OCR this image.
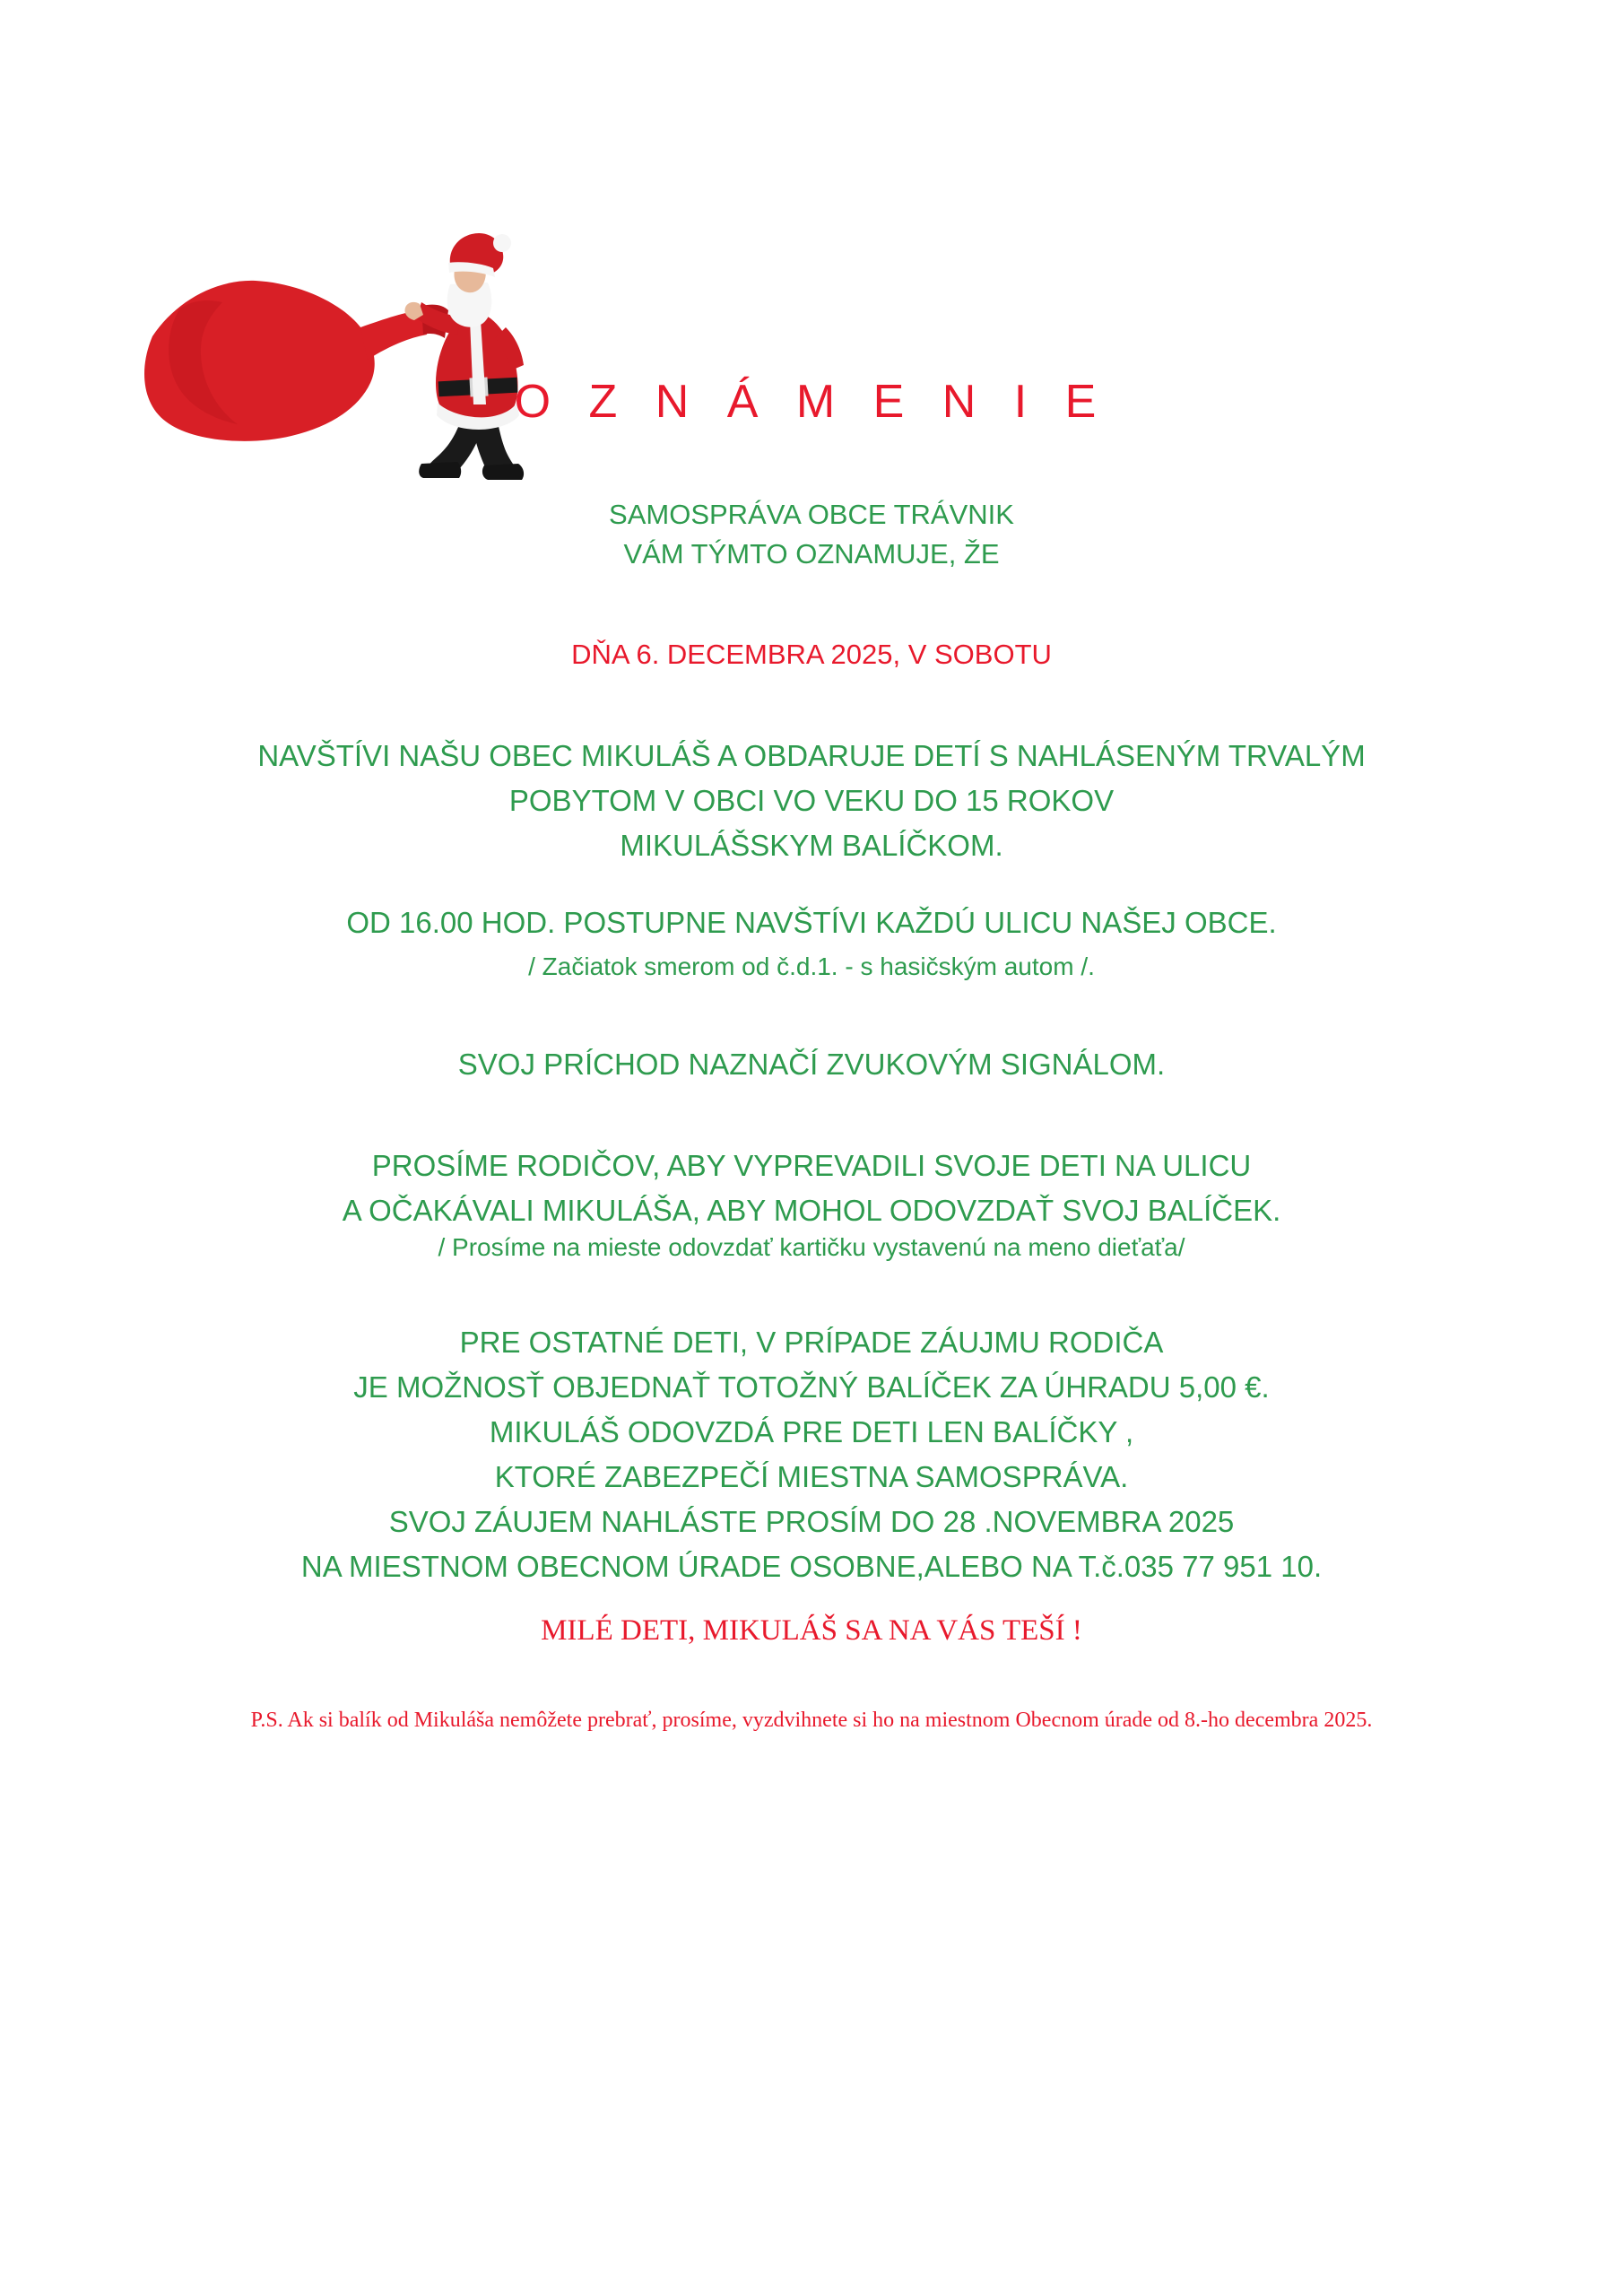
O Z N Á M E N I E
SAMOSPRÁVA OBCE TRÁVNIK
VÁM TÝMTO OZNAMUJE, ŽE
DŇA 6. DECEMBRA 2025, V SOBOTU
NAVŠTÍVI NAŠU OBEC MIKULÁŠ A OBDARUJE DETÍ S NAHLÁSENÝM TRVALÝM
POBYTOM V OBCI VO VEKU DO 15 ROKOV
MIKULÁŠSKYM BALÍČKOM.
OD 16.00 HOD. POSTUPNE NAVŠTÍVI KAŽDÚ ULICU NAŠEJ OBCE.
/ Začiatok smerom od č.d.1. - s hasičským autom /.
SVOJ PRÍCHOD NAZNAČÍ ZVUKOVÝM SIGNÁLOM.
PROSÍME RODIČOV, ABY VYPREVADILI SVOJE DETI NA ULICU
A OČAKÁVALI MIKULÁŠA, ABY MOHOL ODOVZDAŤ SVOJ BALÍČEK.
/ Prosíme na mieste odovzdať kartičku vystavenú na meno dieťaťa/
PRE OSTATNÉ DETI, V PRÍPADE ZÁUJMU RODIČA
JE MOŽNOSŤ OBJEDNAŤ TOTOŽNÝ BALÍČEK ZA ÚHRADU 5,00 €.
MIKULÁŠ ODOVZDÁ PRE DETI LEN BALÍČKY ,
KTORÉ ZABEZPEČÍ MIESTNA SAMOSPRÁVA.
SVOJ ZÁUJEM NAHLÁSTE PROSÍM DO 28 .NOVEMBRA 2025
NA MIESTNOM OBECNOM ÚRADE OSOBNE,ALEBO NA T.č.035 77 951 10.
MILÉ DETI, MIKULÁŠ SA NA VÁS TEŠÍ !
P.S. Ak si balík od Mikuláša nemôžete prebrať, prosíme, vyzdvihnete si ho na miestnom Obecnom úrade od 8.-ho decembra 2025.
